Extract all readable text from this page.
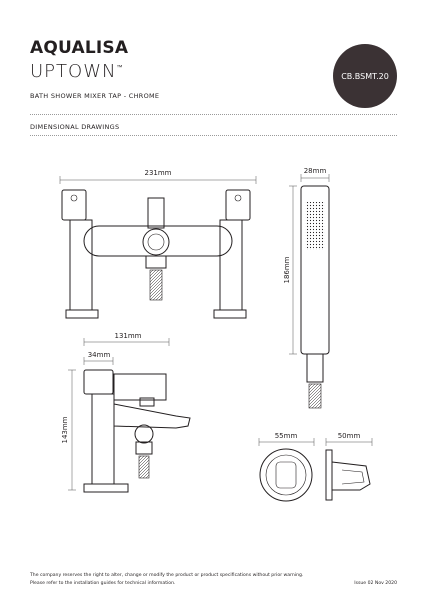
AQUALISA
UPTOWN™
CB.BSMT.20
BATH SHOWER MIXER TAP - CHROME
DIMENSIONAL DRAWINGS
231mm	28mm
186mm
131mm
34mm
143mm	55mm	50mm
The company reserves the right to alter, change or modify the product or product specifications without prior warning.
Please refer to the installation guides for technical information.	Issue 02 Nov 2020
